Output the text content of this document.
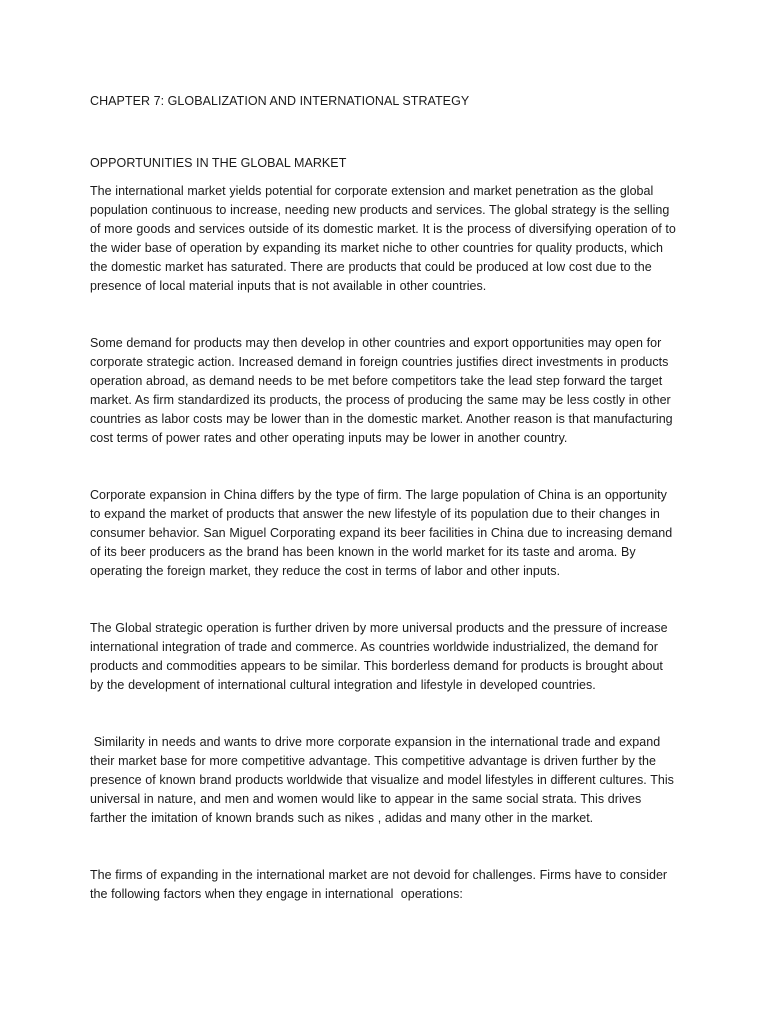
CHAPTER 7: GLOBALIZATION AND INTERNATIONAL STRATEGY
OPPORTUNITIES IN THE GLOBAL MARKET

The international market yields potential for corporate extension and market penetration as the global population continuous to increase, needing new products and services. The global strategy is the selling of more goods and services outside of its domestic market. It is the process of diversifying operation of to the wider base of operation by expanding its market niche to other countries for quality products, which the domestic market has saturated. There are products that could be produced at low cost due to the presence of local material inputs that is not available in other countries.

Some demand for products may then develop in other countries and export opportunities may open for corporate strategic action. Increased demand in foreign countries justifies direct investments in products operation abroad, as demand needs to be met before competitors take the lead step forward the target market. As firm standardized its products, the process of producing the same may be less costly in other countries as labor costs may be lower than in the domestic market. Another reason is that manufacturing cost terms of power rates and other operating inputs may be lower in another country.

Corporate expansion in China differs by the type of firm. The large population of China is an opportunity to expand the market of products that answer the new lifestyle of its population due to their changes in consumer behavior. San Miguel Corporating expand its beer facilities in China due to increasing demand of its beer producers as the brand has been known in the world market for its taste and aroma. By operating the foreign market, they reduce the cost in terms of labor and other inputs.

The Global strategic operation is further driven by more universal products and the pressure of increase international integration of trade and commerce. As countries worldwide industrialized, the demand for products and commodities appears to be similar. This borderless demand for products is brought about by the development of international cultural integration and lifestyle in developed countries.

Similarity in needs and wants to drive more corporate expansion in the international trade and expand their market base for more competitive advantage. This competitive advantage is driven further by the presence of known brand products worldwide that visualize and model lifestyles in different cultures. This universal in nature, and men and women would like to appear in the same social strata. This drives farther the imitation of known brands such as nikes , adidas and many other in the market.

The firms of expanding in the international market are not devoid for challenges. Firms have to consider the following factors when they engage in international  operations:
